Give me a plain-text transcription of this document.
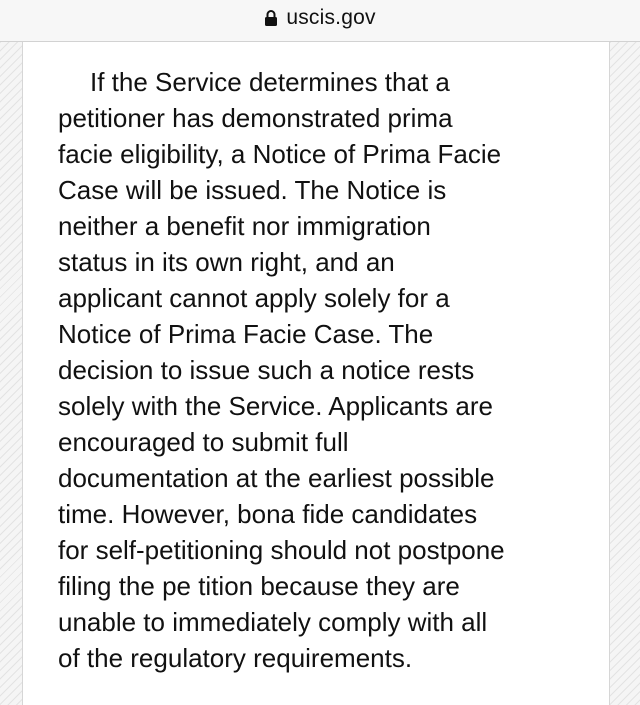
uscis.gov

If the Service determines that a
petitioner has demonstrated prima
facie eligibility, a Notice of Prima Facie
Case will be issued. The Notice is
neither a benefit nor immigration
status in its own right, and an
applicant cannot apply solely for a
Notice of Prima Facie Case. The
decision to issue such a notice rests
solely with the Service. Applicants are
encouraged to submit full
documentation at the earliest possible
time. However, bona fide candidates
for self-petitioning should not postpone
filing the pe tition because they are
unable to immediately comply with all
of the regulatory requirements.
